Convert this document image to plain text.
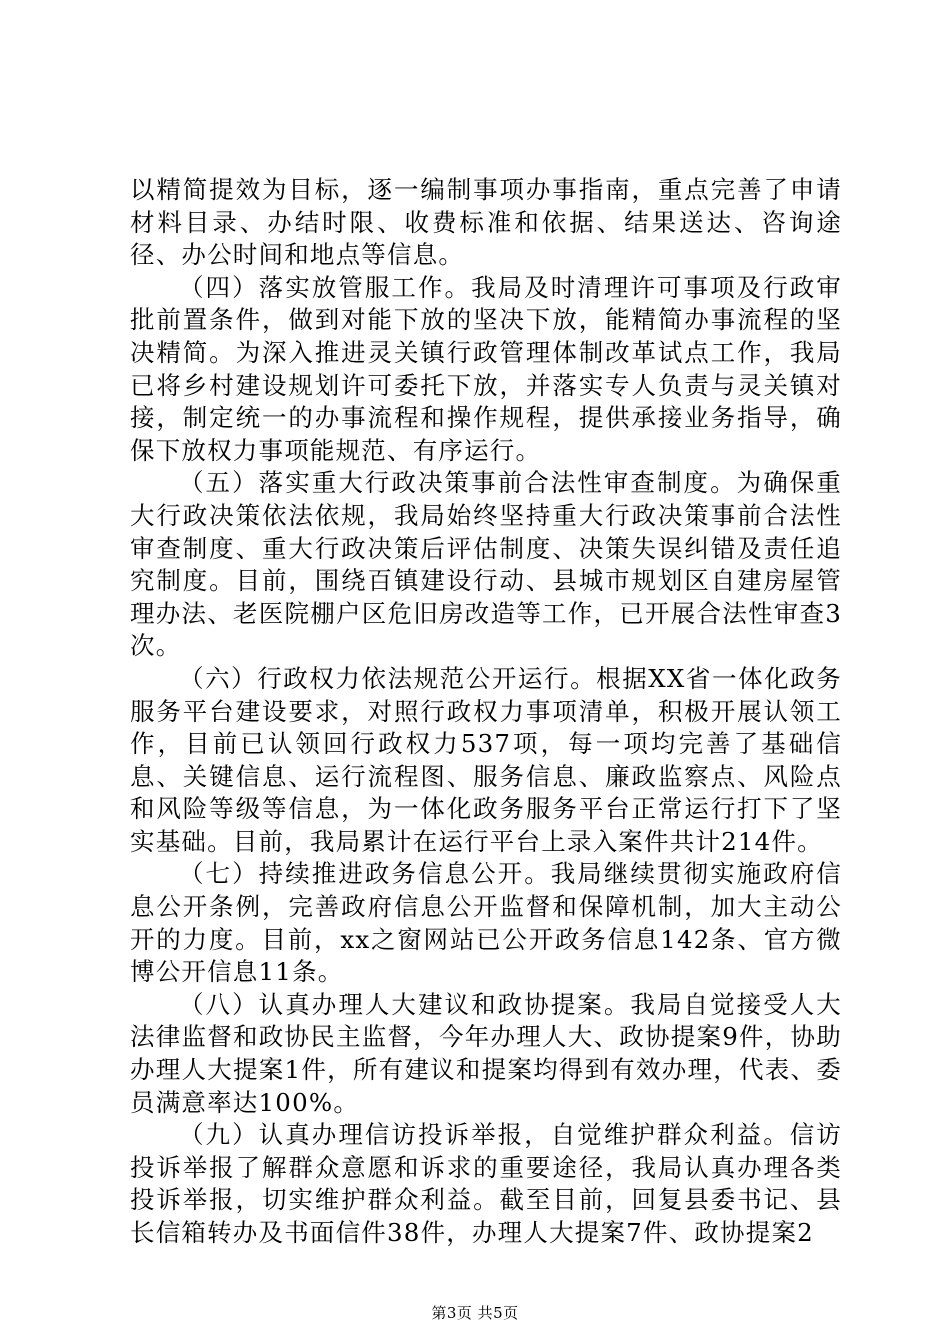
以精简提效为目标，逐一编制事项办事指南，重点完善了申请材料目录、办结时限、收费标准和依据、结果送达、咨询途径、办公时间和地点等信息。

（四）落实放管服工作。我局及时清理许可事项及行政审批前置条件，做到对能下放的坚决下放，能精简办事流程的坚决精简。为深入推进灵关镇行政管理体制改革试点工作，我局已将乡村建设规划许可委托下放，并落实专人负责与灵关镇对接，制定统一的办事流程和操作规程，提供承接业务指导，确保下放权力事项能规范、有序运行。

（五）落实重大行政决策事前合法性审查制度。为确保重大行政决策依法依规，我局始终坚持重大行政决策事前合法性审查制度、重大行政决策后评估制度、决策失误纠错及责任追究制度。目前，围绕百镇建设行动、县城市规划区自建房屋管理办法、老医院棚户区危旧房改造等工作，已开展合法性审查3次。

（六）行政权力依法规范公开运行。根据XX省一体化政务服务平台建设要求，对照行政权力事项清单，积极开展认领工作，目前已认领回行政权力537项，每一项均完善了基础信息、关键信息、运行流程图、服务信息、廉政监察点、风险点和风险等级等信息，为一体化政务服务平台正常运行打下了坚实基础。目前，我局累计在运行平台上录入案件共计214件。

（七）持续推进政务信息公开。我局继续贯彻实施政府信息公开条例，完善政府信息公开监督和保障机制，加大主动公开的力度。目前，xx之窗网站已公开政务信息142条、官方微博公开信息11条。

（八）认真办理人大建议和政协提案。我局自觉接受人大法律监督和政协民主监督，今年办理人大、政协提案9件，协助办理人大提案1件，所有建议和提案均得到有效办理，代表、委员满意率达100%。

（九）认真办理信访投诉举报，自觉维护群众利益。信访投诉举报了解群众意愿和诉求的重要途径，我局认真办理各类投诉举报，切实维护群众利益。截至目前，回复县委书记、县长信箱转办及书面信件38件，办理人大提案7件、政协提案2

第3页 共5页
